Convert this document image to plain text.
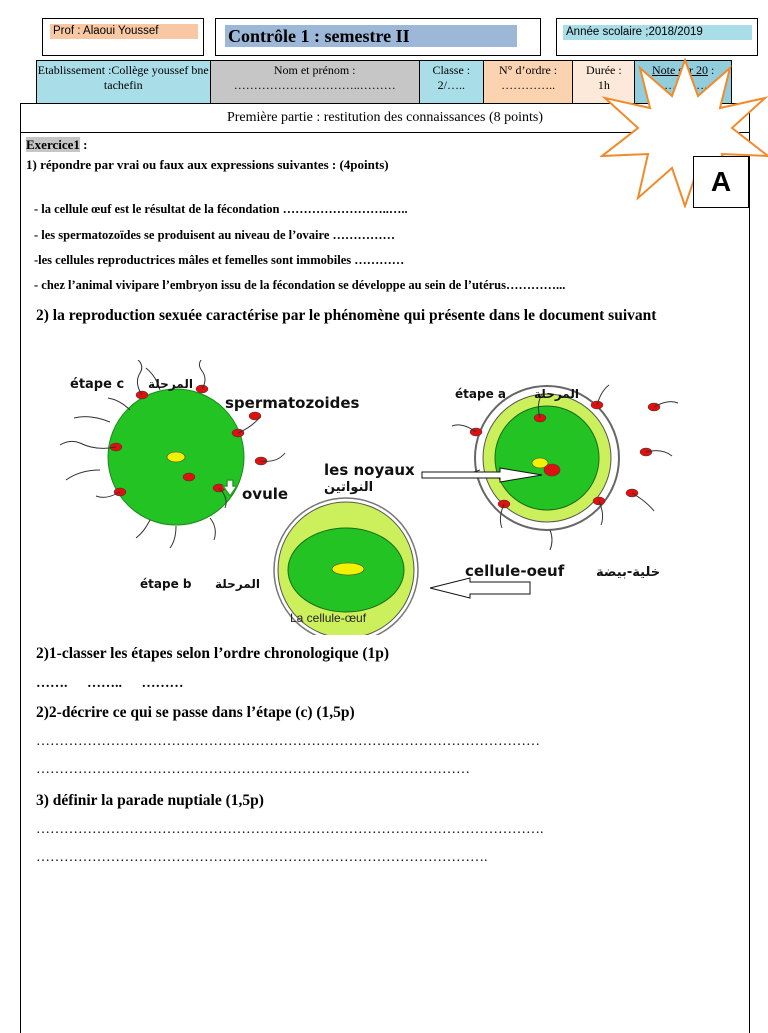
Prof : Alaoui Youssef	Contrôle 1 : semestre II	Année scolaire ;2018/2019
Etablissement :Collège youssef bne tachefin
Nom et prénom :
…………………………..………
Classe :
2/…..
N° d’ordre :
…………..
Durée :
1h
Note sur 20 :
Première partie : restitution des connaissances (8 points)
A
Exercice1 :
1) répondre par vrai ou faux aux expressions suivantes : (4points)
- la cellule œuf est le résultat de la fécondation ……………………..…..
- les spermatozoïdes se produisent au niveau de l’ovaire ……………
-les cellules reproductrices mâles et femelles sont immobiles …………
- chez l’animal vivipare l’embryon issu de la fécondation se développe au sein de l’utérus…………...
2) la reproduction sexuée caractérise par le phénomène qui présente dans le document suivant
étape c المرحلة
spermatozoides
ovule
étape a المرحلة
les noyaux
النواتين
étape b المرحلة
cellule-oeuf خلية-بيضة
La cellule-œuf
2)1-classer les étapes selon l’ordre chronologique (1p)
……. …….. ………
2)2-décrire ce qui se passe dans l’étape (c) (1,5p)
………………………………………………………………………………………………
…………………………………………………………………………………
3) définir la parade nuptiale (1,5p)
……………………………………………………………………………………………….
…………………………………………………………………………………….
